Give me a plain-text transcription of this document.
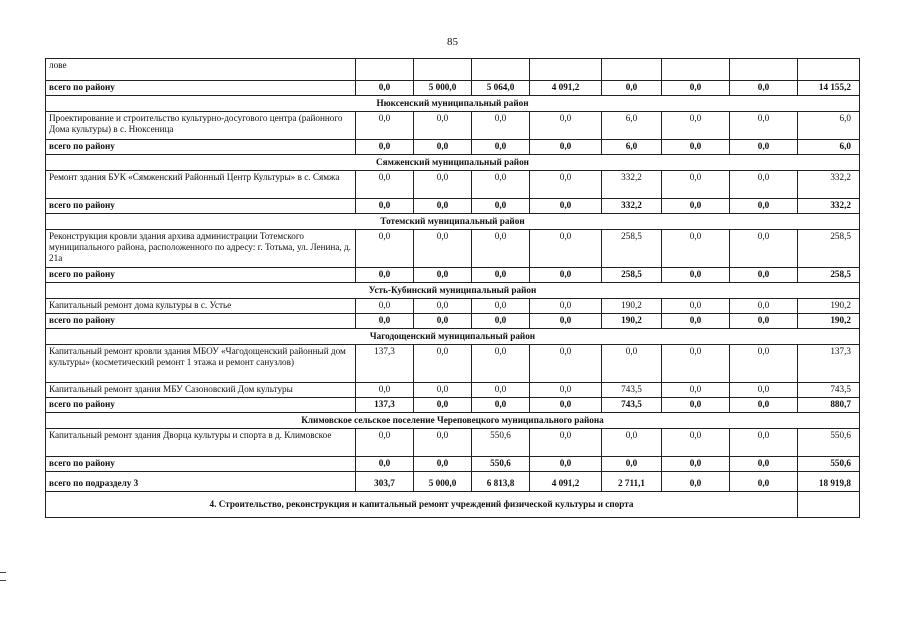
85
лове								
всего по району	0,0	5 000,0	5 064,0	4 091,2	0,0	0,0	0,0	14 155,2
Нюксенский муниципальный район								
Проектирование и строительство культурно-досугового центра (районного Дома культуры) в с. Нюксеница	0,0	0,0	0,0	0,0	6,0	0,0	0,0	6,0
всего по району	0,0	0,0	0,0	0,0	6,0	0,0	0,0	6,0
Сямженский муниципальный район								
Ремонт здания БУК «Сямженский Районный Центр Культуры» в с. Сямжа	0,0	0,0	0,0	0,0	332,2	0,0	0,0	332,2
всего по району	0,0	0,0	0,0	0,0	332,2	0,0	0,0	332,2
Тотемский муниципальный район								
Реконструкция кровли здания архива администрации Тотемского муниципального района, расположенного по адресу: г. Тотьма, ул. Ленина, д. 21а	0,0	0,0	0,0	0,0	258,5	0,0	0,0	258,5
всего по району	0,0	0,0	0,0	0,0	258,5	0,0	0,0	258,5
Усть-Кубинский муниципальный район								
Капитальный ремонт дома культуры в с. Устье	0,0	0,0	0,0	0,0	190,2	0,0	0,0	190,2
всего по району	0,0	0,0	0,0	0,0	190,2	0,0	0,0	190,2
Чагодощенский муниципальный район								
Капитальный ремонт кровли здания МБОУ «Чагодощенский районный дом культуры» (косметический ремонт 1 этажа и ремонт санузлов)	137,3	0,0	0,0	0,0	0,0	0,0	0,0	137,3
Капитальный ремонт здания МБУ Сазоновский Дом культуры	0,0	0,0	0,0	0,0	743,5	0,0	0,0	743,5
всего по району	137,3	0,0	0,0	0,0	743,5	0,0	0,0	880,7
Климовское сельское поселение Череповецкого муниципального района								
Капитальный ремонт здания Дворца культуры и спорта в д. Климовское	0,0	0,0	550,6	0,0	0,0	0,0	0,0	550,6
всего по району	0,0	0,0	550,6	0,0	0,0	0,0	0,0	550,6
всего по подразделу 3	303,7	5 000,0	6 813,8	4 091,2	2 711,1	0,0	0,0	18 919,8
4. Строительство, реконструкция и капитальный ремонт учреждений физической культуры и спорта								
